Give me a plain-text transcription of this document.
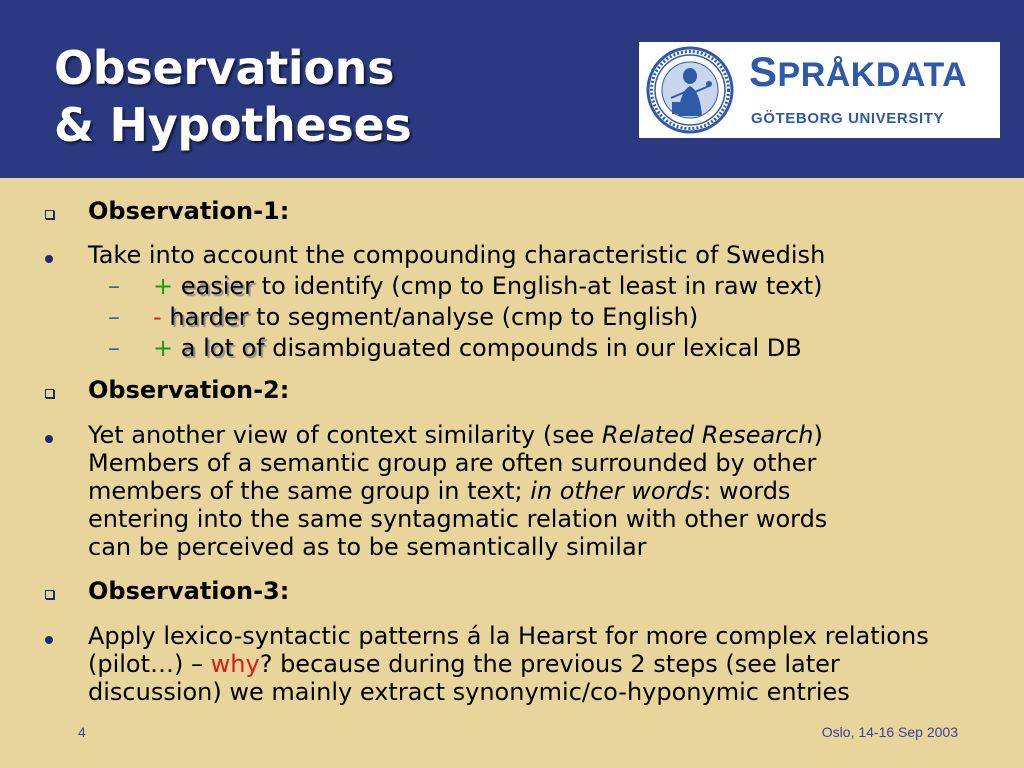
Observations
& Hypotheses
SPRÅKDATA
GÖTEBORG UNIVERSITY
Observation-1:
Take into account the compounding characteristic of Swedish
– + easier to identify (cmp to English-at least in raw text)
– - harder to segment/analyse (cmp to English)
– + a lot of disambiguated compounds in our lexical DB
Observation-2:
Yet another view of context similarity (see Related Research)
Members of a semantic group are often surrounded by other
members of the same group in text; in other words: words
entering into the same syntagmatic relation with other words
can be perceived as to be semantically similar
Observation-3:
Apply lexico-syntactic patterns á la Hearst for more complex relations
(pilot…) – why? because during the previous 2 steps (see later
discussion) we mainly extract synonymic/co-hyponymic entries
4	Oslo, 14-16 Sep 2003
